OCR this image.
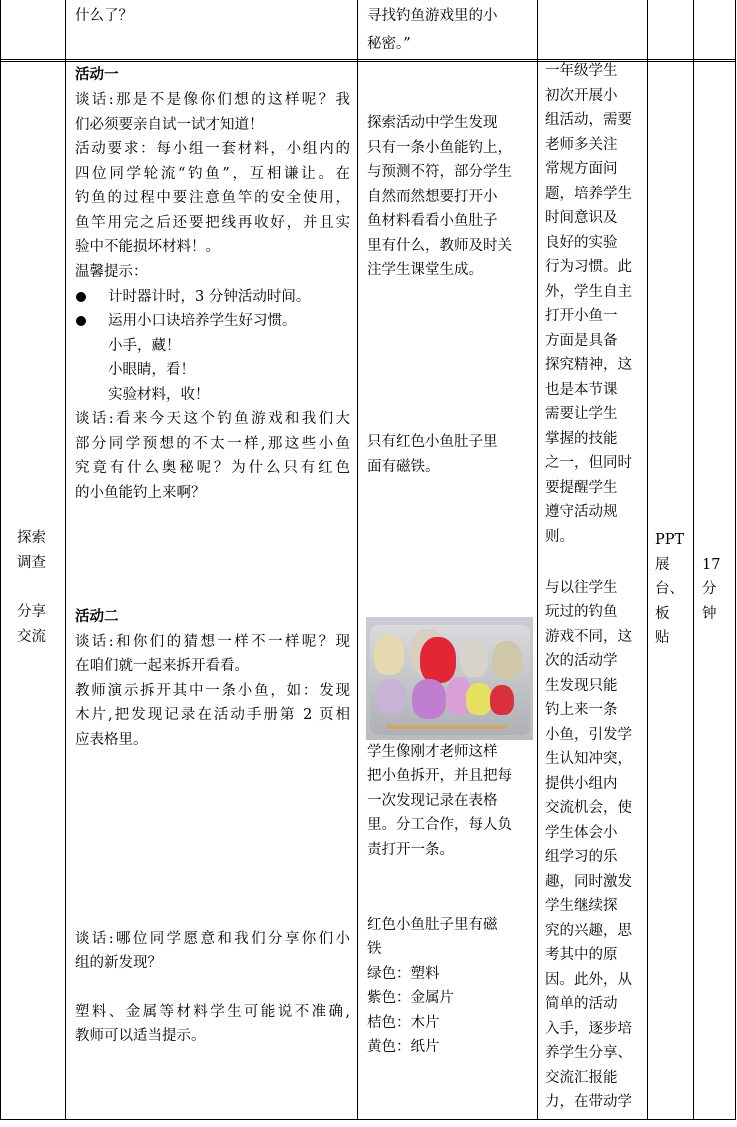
什么了？	寻找钓鱼游戏里的小
秘密。”
探索
调查
分享
交流
活动一
谈话:那是不是像你们想的这样呢？我
们必须要亲自试一试才知道！
活动要求：每小组一套材料，小组内的
四位同学轮流“钓鱼”，互相谦让。在
钓鱼的过程中要注意鱼竿的安全使用，
鱼竿用完之后还要把线再收好，并且实
验中不能损坏材料！。
温馨提示：
计时器计时，3 分钟活动时间。
运用小口诀培养学生好习惯。
小手，藏！
小眼睛，看！
实验材料，收！
谈话:看来今天这个钓鱼游戏和我们大
部分同学预想的不太一样,那这些小鱼
究竟有什么奥秘呢？为什么只有红色
的小鱼能钓上来啊？
活动二
谈话:和你们的猜想一样不一样呢？现
在咱们就一起来拆开看看。
教师演示拆开其中一条小鱼，如：发现
木片,把发现记录在活动手册第 2 页相
应表格里。
谈话:哪位同学愿意和我们分享你们小
组的新发现？
塑料、金属等材料学生可能说不准确,
教师可以适当提示。
探索活动中学生发现
只有一条小鱼能钓上，
与预测不符，部分学生
自然而然想要打开小
鱼材料看看小鱼肚子
里有什么，教师及时关
注学生课堂生成。
只有红色小鱼肚子里
面有磁铁。
学生像刚才老师这样
把小鱼拆开，并且把每
一次发现记录在表格
里。分工合作，每人负
责打开一条。
红色小鱼肚子里有磁
铁
绿色：塑料
紫色：金属片
桔色：木片
黄色：纸片
一年级学生
初次开展小
组活动，需要
老师多关注
常规方面问
题，培养学生
时间意识及
良好的实验
行为习惯。此
外，学生自主
打开小鱼一
方面是具备
探究精神，这
也是本节课
需要让学生
掌握的技能
之一，但同时
要提醒学生
遵守活动规
则。
与以往学生
玩过的钓鱼
游戏不同，这
次的活动学
生发现只能
钓上来一条
小鱼，引发学
生认知冲突，
提供小组内
交流机会，使
学生体会小
组学习的乐
趣，同时激发
学生继续探
究的兴趣，思
考其中的原
因。此外，从
简单的活动
入手，逐步培
养学生分享、
交流汇报能
力，在带动学
PPT
展
台、
板
贴
17
分
钟
